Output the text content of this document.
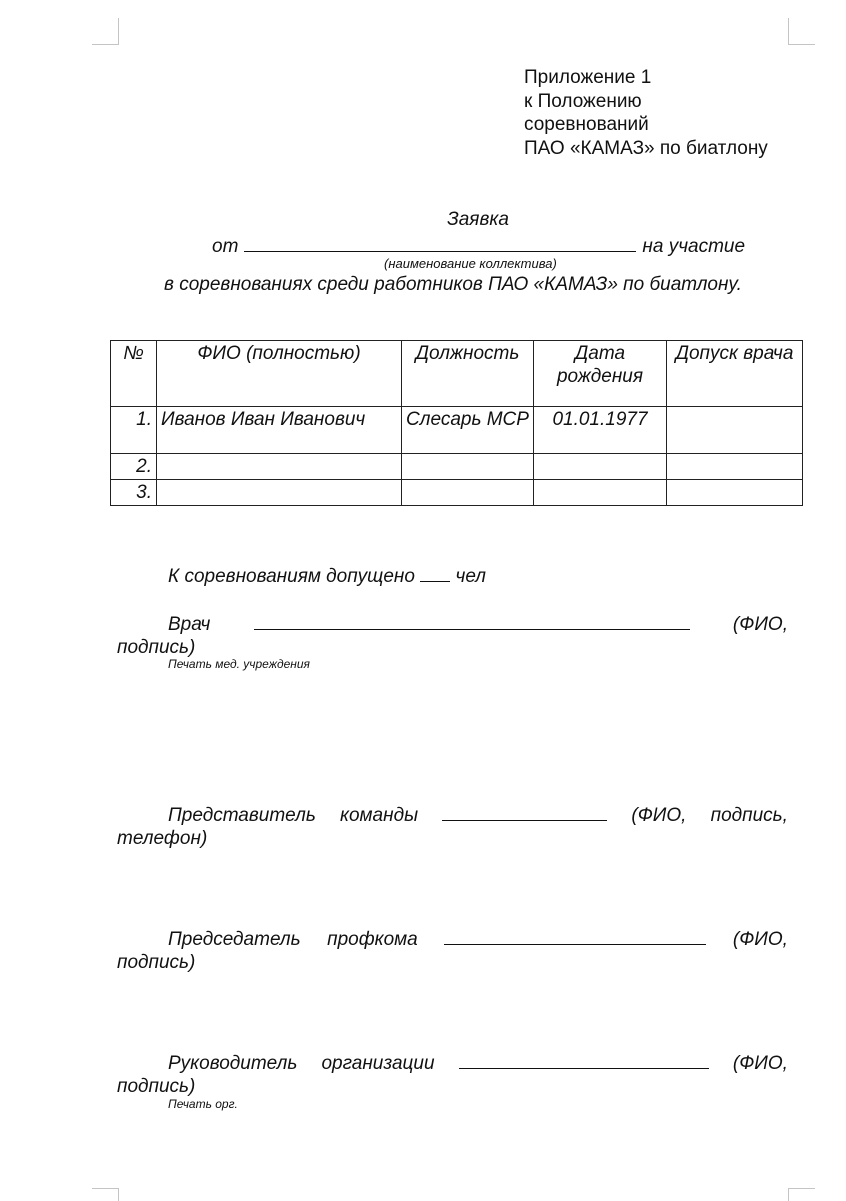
Приложение 1
к Положению
соревнований
ПАО «КАМАЗ» по биатлону
Заявка
от	на участие
(наименование коллектива)
в соревнованиях среди работников ПАО «КАМАЗ» по биатлону.
№	ФИО (полностью)	Должность	Дата рождения	Допуск врача
1.	Иванов Иван Иванович	Слесарь МСР	01.01.1977	
2.				
3.				
К соревнованиям допущено чел
Врач	(ФИО,
подпись)
Печать мед. учреждения
Представитель команды	(ФИО, подпись,
телефон)
Председатель профкома	(ФИО,
подпись)
Руководитель организации	(ФИО,
подпись)
Печать орг.
